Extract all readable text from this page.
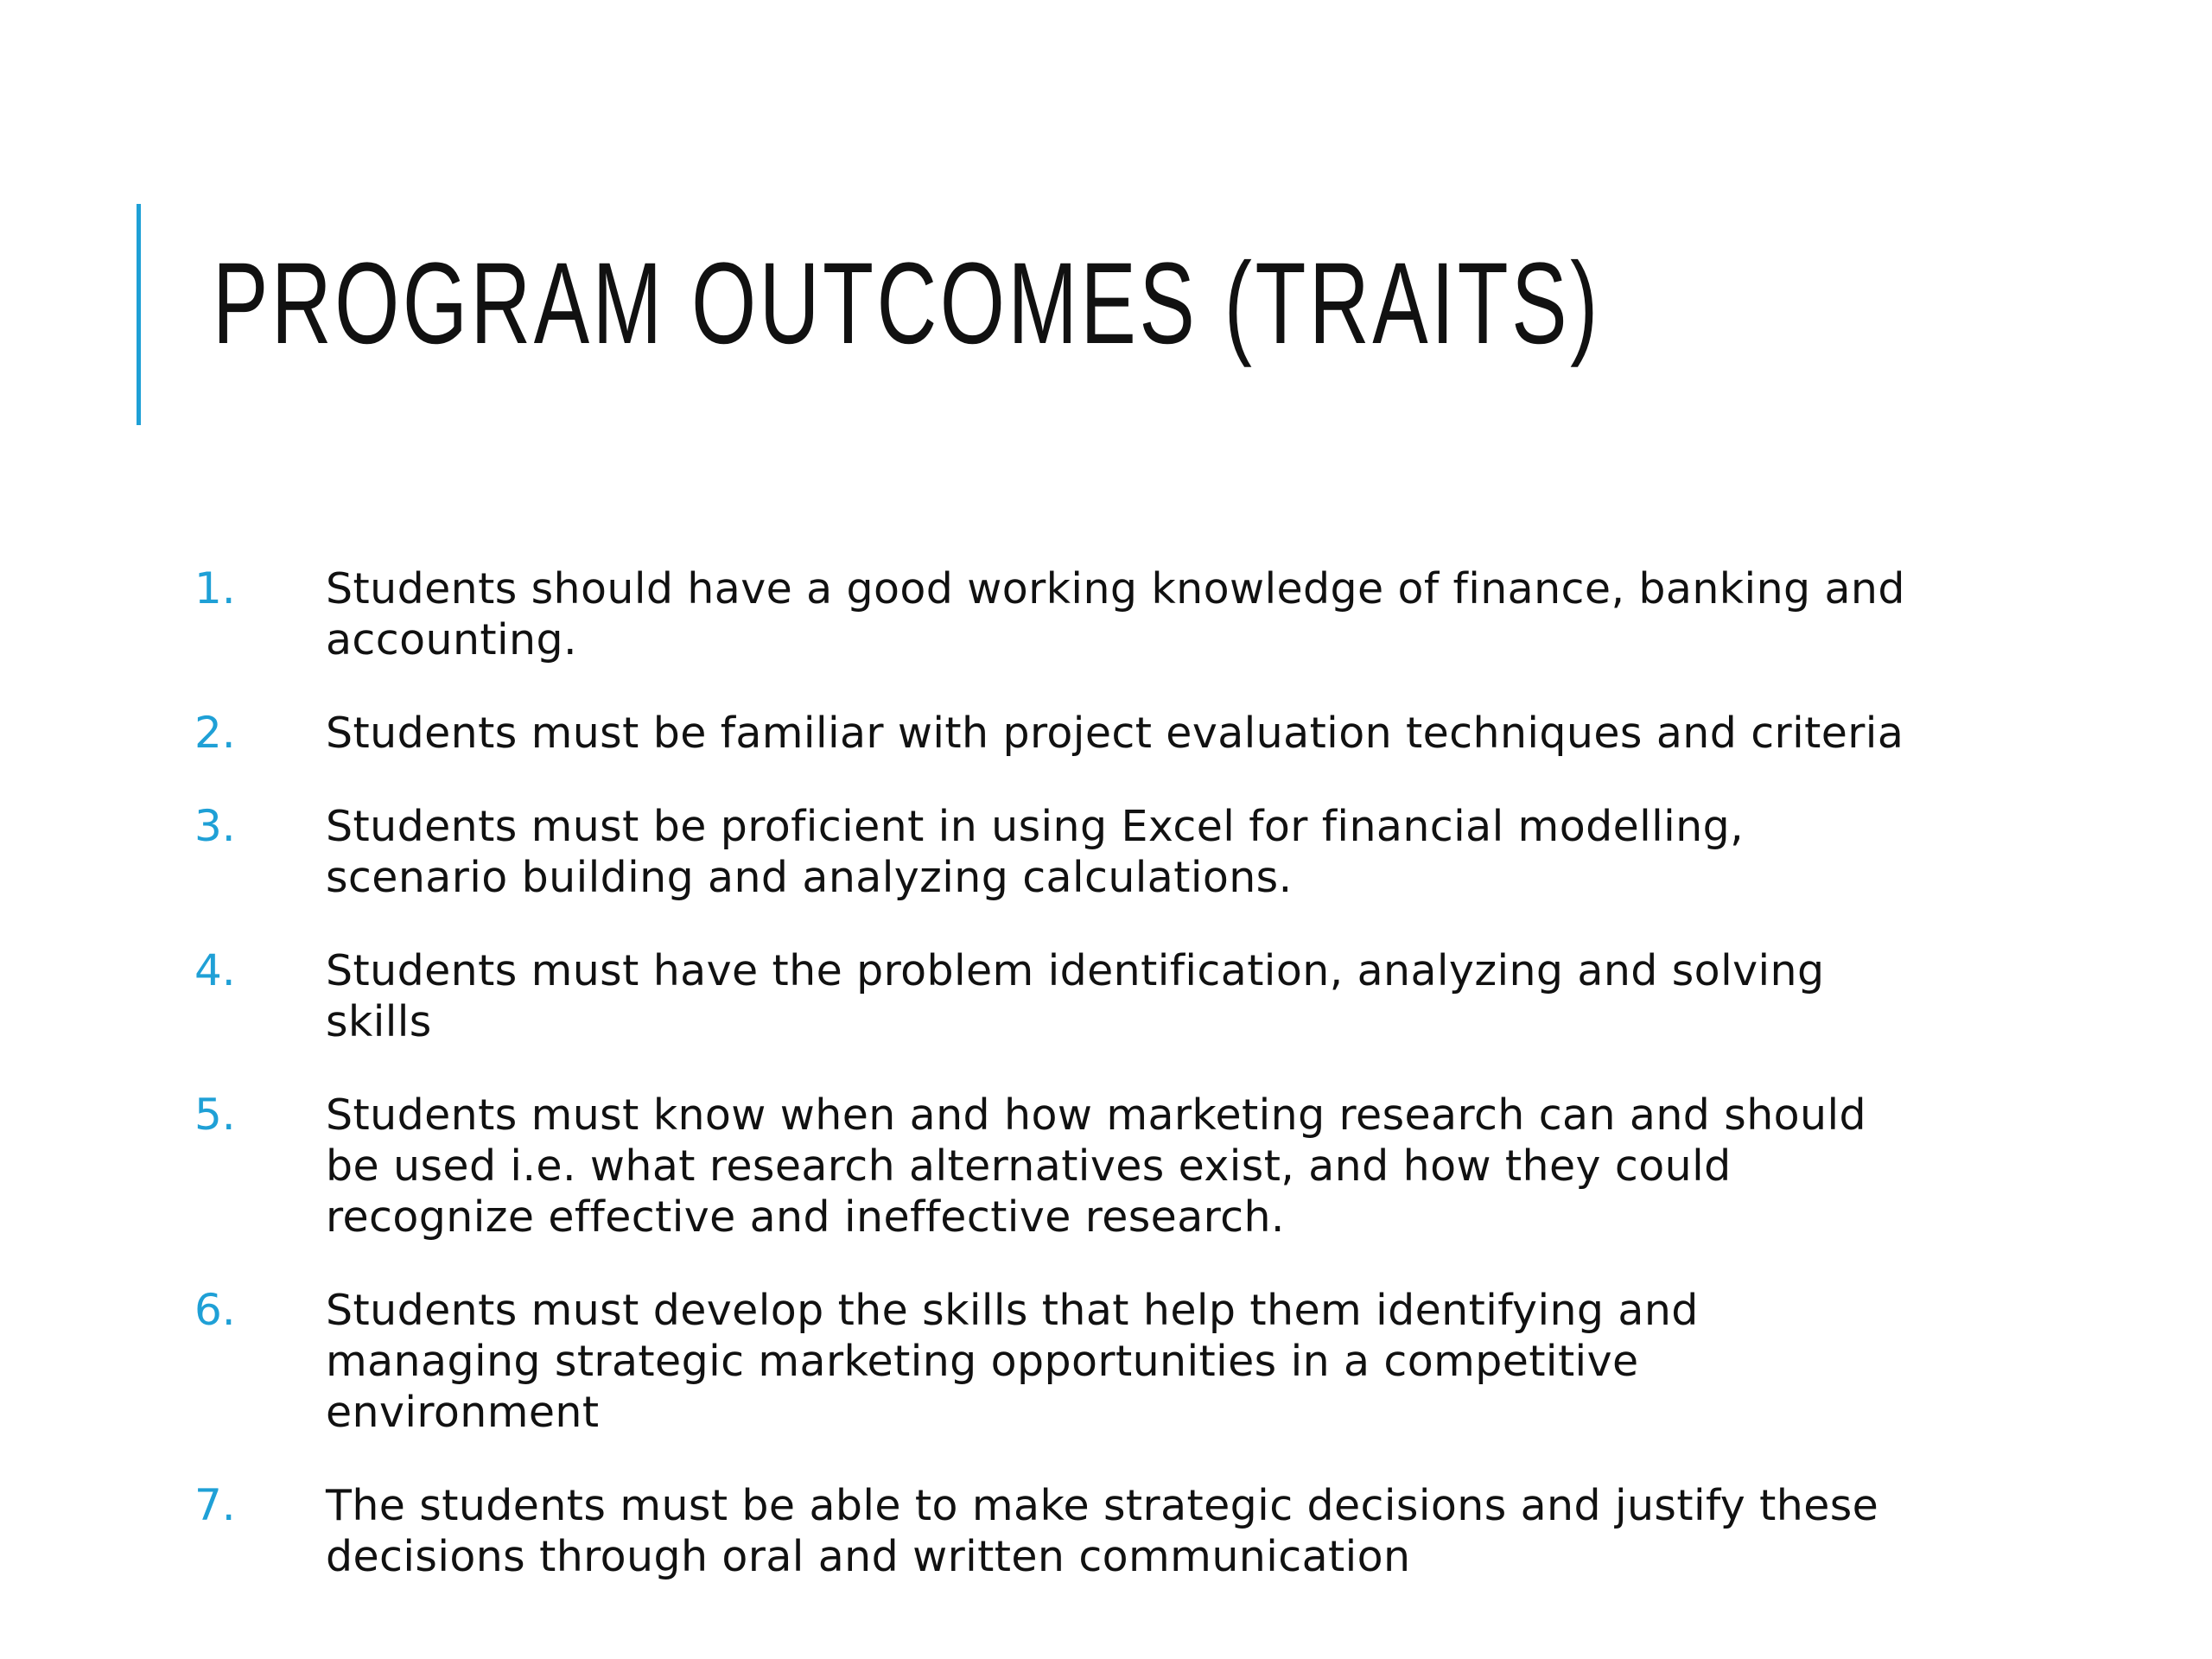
PROGRAM OUTCOMES (TRAITS)
1.	Students should have a good working knowledge of finance, banking and accounting.
2.	Students must be familiar with project evaluation techniques and criteria
3.	Students must be proficient in using Excel for financial modelling, scenario building and analyzing calculations.
4.	Students must have the problem identification, analyzing and solving skills
5.	Students must know when and how marketing research can and should be used i.e. what research alternatives exist, and how they could recognize effective and ineffective research.
6.	Students must develop the skills that help them identifying and managing strategic marketing opportunities in a competitive environment
7.	The students must be able to make strategic decisions and justify these decisions through oral and written communication
